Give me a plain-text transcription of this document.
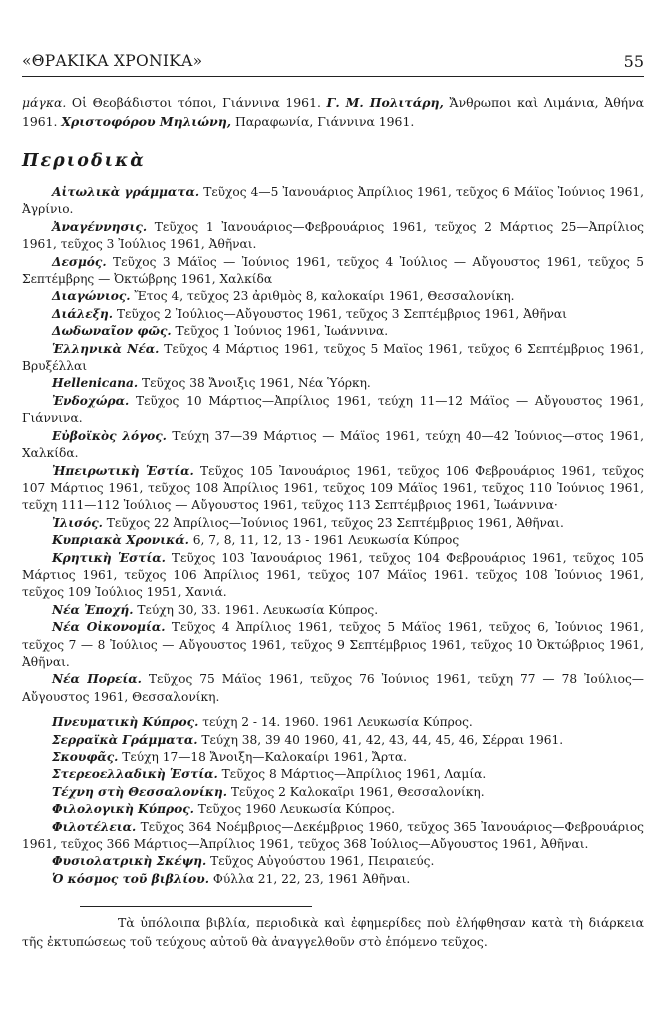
«ΘΡΑΚΙΚΑ ΧΡΟΝΙΚΑ»	55

μάγκα. Οἱ Θεοβάδιστοι τόποι, Γιάννινα 1961. Γ. Μ. Πολιτάρη, Ἄνθρωποι καὶ Λιμάνια, Ἀθήνα 1961. Χριστοφόρου Μηλιώνη, Παραφωνία, Γιάννινα 1961.

Περιοδικὰ

Αἰτωλικὰ γράμματα. Τεῦχος 4—5 Ἰανουάριος Ἀπρίλιος 1961, τεῦχος 6 Μάϊος Ἰούνιος 1961, Ἀγρίνιο.

Ἀναγέννησις. Τεῦχος 1 Ἰανουάριος—Φεβρουάριος 1961, τεῦχος 2 Μάρτιος 25—Ἀπρίλιος 1961, τεῦχος 3 Ἰούλιος 1961, Ἀθῆναι.

Δεσμός. Τεῦχος 3 Μάϊος — Ἰούνιος 1961, τεῦχος 4 Ἰούλιος — Αὔγουστος 1961, τεῦχος 5 Σεπτέμβρης — Ὀκτώβρης 1961, Χαλκίδα

Διαγώνιος. Ἔτος 4, τεῦχος 23 ἀριθμὸς 8, καλοκαίρι 1961, Θεσσαλονίκη.

Διάλεξη. Τεῦχος 2 Ἰούλιος—Αὔγουστος 1961, τεῦχος 3 Σεπτέμβριος 1961, Ἀθῆναι

Δωδωναῖον φῶς. Τεῦχος 1 Ἰούνιος 1961, Ἰωάννινα.

Ἑλληνικὰ Νέα. Τεῦχος 4 Μάρτιος 1961, τεῦχος 5 Μαϊος 1961, τεῦχος 6 Σεπτέμβριος 1961, Βρυξέλλαι

Hellenicana. Τεῦχος 38 Ἄνοιξις 1961, Νέα Ὑόρκη.

Ἐνδοχώρα. Τεῦχος 10 Μάρτιος—Ἀπρίλιος 1961, τεύχη 11—12 Μάϊος — Αὔγουστος 1961, Γιάννινα.

Εὐβοϊκὸς λόγος. Τεύχη 37—39 Μάρτιος — Μάϊος 1961, τεύχη 40—42 Ἰούνιος—στος 1961, Χαλκίδα.

Ἠπειρωτικὴ Ἑστία. Τεῦχος 105 Ἰανουάριος 1961, τεῦχος 106 Φεβρουάριος 1961, τεῦχος 107 Μάρτιος 1961, τεῦχος 108 Ἀπρίλιος 1961, τεῦχος 109 Μάϊος 1961, τεῦχος 110 Ἰούνιος 1961, τεῦχη 111—112 Ἰούλιος — Αὔγουστος 1961, τεῦχος 113 Σεπτέμβριος 1961, Ἰωάννινα·

Ἰλισός. Τεῦχος 22 Ἀπρίλιος—Ἰούνιος 1961, τεῦχος 23 Σεπτέμβριος 1961, Ἀθῆναι.

Κυπριακὰ Χρονικά. 6, 7, 8, 11, 12, 13 - 1961 Λευκωσία Κύπρος

Κρητικὴ Ἑστία. Τεῦχος 103 Ἰανουάριος 1961, τεῦχος 104 Φεβρουάριος 1961, τεῦχος 105 Μάρτιος 1961, τεῦχος 106 Ἀπρίλιος 1961, τεῦχος 107 Μάϊος 1961. τεῦχος 108 Ἰούνιος 1961, τεῦχος 109 Ἰούλιος 1951, Χανιά.

Νέα Ἐποχή. Τεύχη 30, 33. 1961. Λευκωσία Κύπρος.

Νέα Οἰκονομία. Τεῦχος 4 Ἀπρίλιος 1961, τεῦχος 5 Μάϊος 1961, τεῦχος 6, Ἰούνιος 1961, τεῦχος 7 — 8 Ἰούλιος — Αὔγουστος 1961, τεῦχος 9 Σεπτέμβριος 1961, τεῦχος 10 Ὀκτώβριος 1961, Ἀθῆναι.

Νέα Πορεία. Τεῦχος 75 Μάϊος 1961, τεῦχος 76 Ἰούνιος 1961, τεῦχη 77 — 78 Ἰούλιος—Αὔγουστος 1961, Θεσσαλονίκη.

Πνευματικὴ Κύπρος. τεύχη 2 - 14. 1960. 1961 Λευκωσία Κύπρος.

Σερραϊκὰ Γράμματα. Τεύχη 38, 39 40 1960, 41, 42, 43, 44, 45, 46, Σέρραι 1961.

Σκουφᾶς. Τεύχη 17—18 Ἄνοιξη—Καλοκαίρι 1961, Ἄρτα.

Στερεοελλαδικὴ Ἑστία. Τεῦχος 8 Μάρτιος—Ἀπρίλιος 1961, Λαμία.

Τέχνη στὴ Θεσσαλονίκη. Τεῦχος 2 Καλοκαῖρι 1961, Θεσσαλονίκη.

Φιλολογικὴ Κύπρος. Τεῦχος 1960 Λευκωσία Κύπρος.

Φιλοτέλεια. Τεῦχος 364 Νοέμβριος—Δεκέμβριος 1960, τεῦχος 365 Ἰανουάριος—Φεβρουάριος 1961, τεῦχος 366 Μάρτιος—Ἀπρίλιος 1961, τεῦχος 368 Ἰούλιος—Αὔγουστος 1961, Ἀθῆναι.

Φυσιολατρικὴ Σκέψη. Τεῦχος Αὐγούστου 1961, Πειραιεύς.

Ὁ κόσμος τοῦ βιβλίου. Φύλλα 21, 22, 23, 1961 Ἀθῆναι.

Τὰ ὑπόλοιπα βιβλία, περιοδικὰ καὶ ἐφημερίδες ποὺ ἐλήφθησαν κατὰ τὴ διάρκεια τῆς ἐκτυπώσεως τοῦ τεύχους αὐτοῦ θὰ ἀναγγελθοῦν στὸ ἑπόμενο τεῦχος.
